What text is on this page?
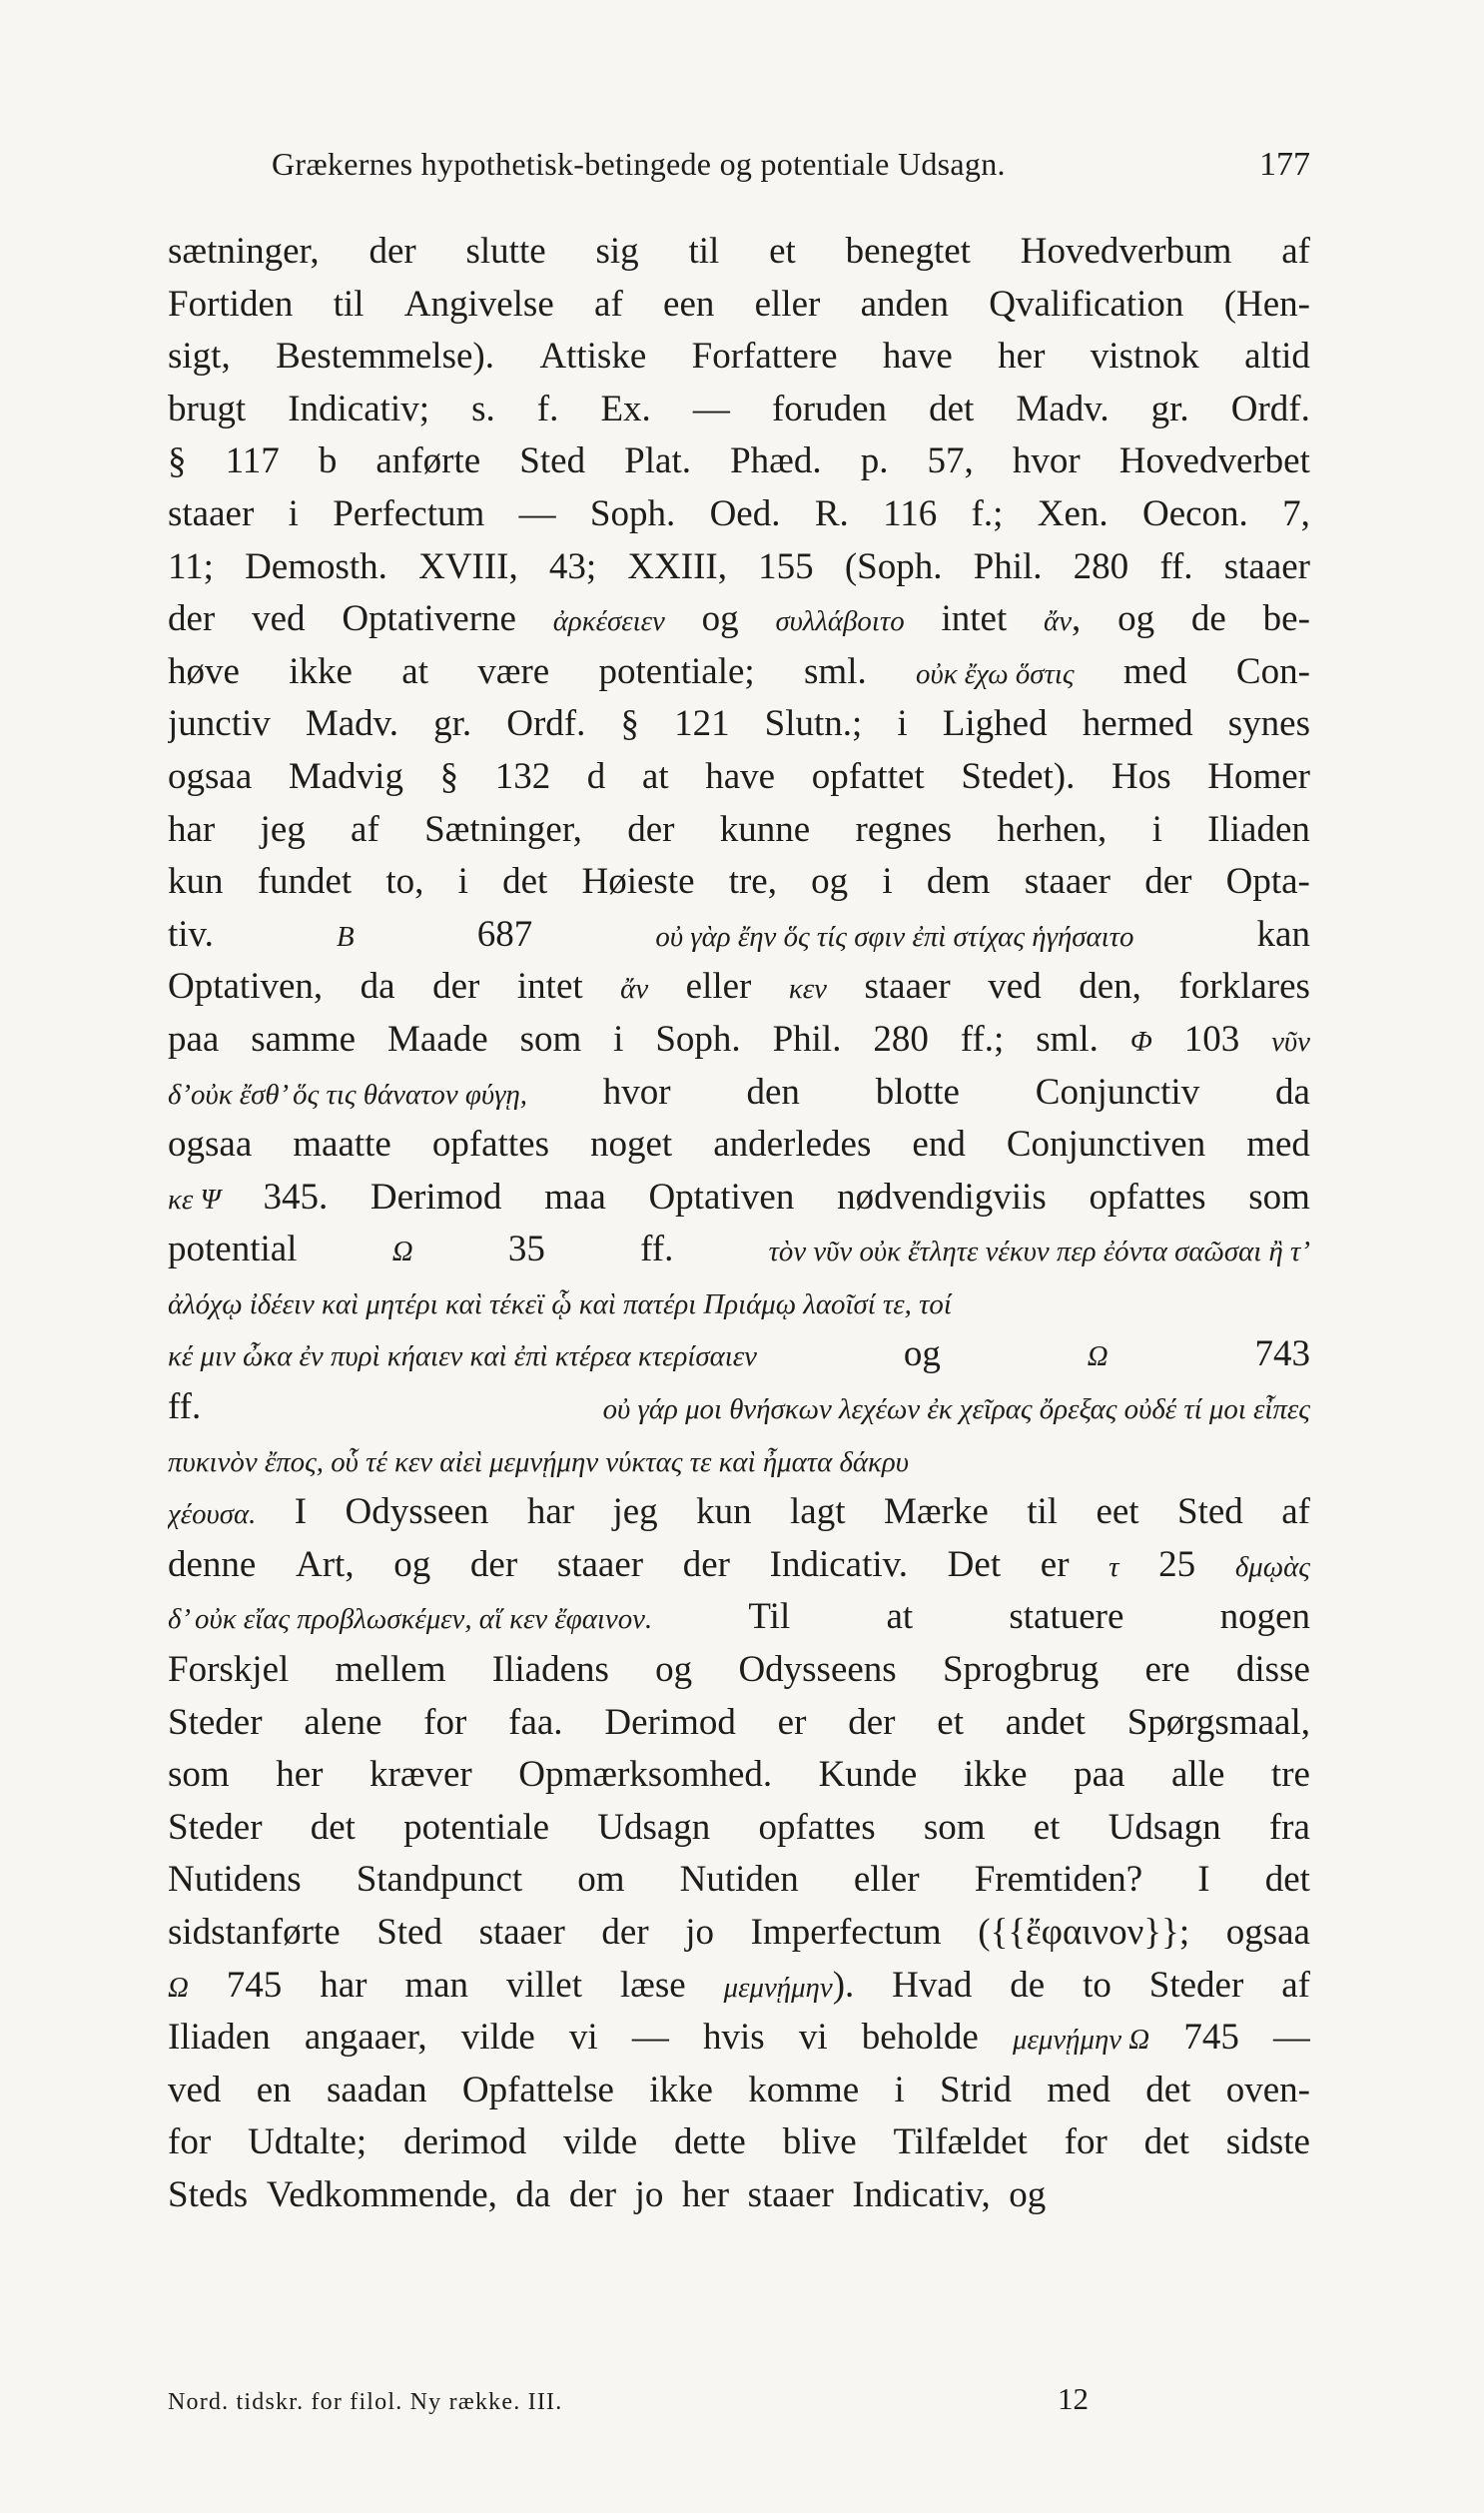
Grækernes hypothetisk-betingede og potentiale Udsagn.	177
sætninger, der slutte sig til et benegtet Hovedverbum af
Fortiden til Angivelse af een eller anden Qvalification (Hen-
sigt, Bestemmelse). Attiske Forfattere have her vistnok altid
brugt Indicativ; s. f. Ex. — foruden det Madv. gr. Ordf.
§ 117 b anførte Sted Plat. Phæd. p. 57, hvor Hovedverbet
staaer i Perfectum — Soph. Oed. R. 116 f.; Xen. Oecon. 7,
11; Demosth. XVIII, 43; XXIII, 155 (Soph. Phil. 280 ff. staaer
der ved Optativerne ἀρκέσειεν og συλλάβοιτο intet ἄν, og de be-
høve ikke at være potentiale; sml. οὐκ ἔχω ὅστις med Con-
junctiv Madv. gr. Ordf. § 121 Slutn.; i Lighed hermed synes
ogsaa Madvig § 132 d at have opfattet Stedet). Hos Homer
har jeg af Sætninger, der kunne regnes herhen, i Iliaden
kun fundet to, i det Høieste tre, og i dem staaer der Opta-
tiv.	B	687	οὐ γὰρ ἔην ὅς τίς σφιν ἐπὶ στίχας ἡγήσαιτο	kan
Optativen, da der intet ἄν eller κεν staaer ved den, forklares
paa samme Maade som i Soph. Phil. 280 ff.; sml. Φ 103 νῦν
δ’οὐκ ἔσθ’ ὅς τις θάνατον φύγῃ, hvor den blotte Conjunctiv da
ogsaa maatte opfattes noget anderledes end Conjunctiven med
κε Ψ 345. Derimod maa Optativen nødvendigviis opfattes som
potential	Ω	35	ff.	τὸν νῦν οὐκ ἔτλητε νέκυν περ ἐόντα σαῶσαι ἢ τ’
ἀλόχῳ ἰδέειν καὶ μητέρι καὶ τέκεϊ ᾧ καὶ πατέρι Πριάμῳ λαοῖσί τε, τοί
κέ μιν ὦκα ἐν πυρὶ κήαιεν καὶ ἐπὶ κτέρεα κτερίσαιεν	og	Ω	743
ff.	οὐ γάρ μοι θνήσκων λεχέων ἐκ χεῖρας ὄρεξας οὐδέ τί μοι εἶπες
πυκινὸν ἔπος, οὗ τέ κεν αἰεὶ μεμνῄμην νύκτας τε καὶ ἦματα δάκρυ
χέουσα. I Odysseen har jeg kun lagt Mærke til eet Sted af
denne Art, og der staaer der Indicativ. Det er τ 25 δμῳὰς
δ’ οὐκ εἴας προβλωσκέμεν, αἵ κεν ἔφαινον.	Til	at	statuere	nogen
Forskjel mellem Iliadens og Odysseens Sprogbrug ere disse
Steder alene for faa. Derimod er der et andet Spørgsmaal,
som her kræver Opmærksomhed. Kunde ikke paa alle tre
Steder det potentiale Udsagn opfattes som et Udsagn fra
Nutidens Standpunct om Nutiden eller Fremtiden? I det
sidstanførte Sted staaer der jo Imperfectum ({{ἔφαινον}}; ogsaa
Ω 745 har man villet læse μεμνῄμην). Hvad de to Steder af
Iliaden angaaer, vilde vi — hvis vi beholde μεμνῄμην Ω 745 —
ved en saadan Opfattelse ikke komme i Strid med det oven-
for Udtalte; derimod vilde dette blive Tilfældet for det sidste
Steds Vedkommende, da der jo her staaer Indicativ, og
Nord. tidskr. for filol. Ny række. III.	12
